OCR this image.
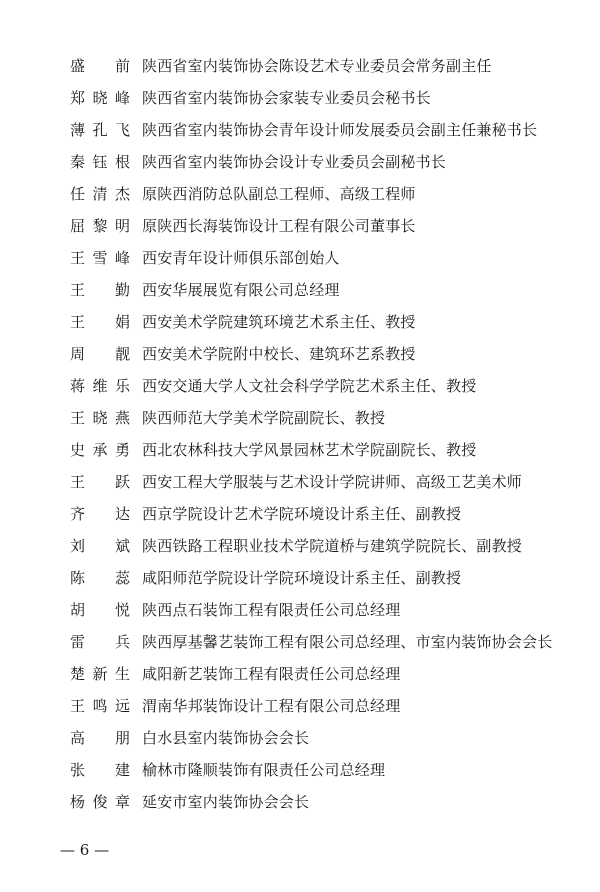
盛前 陕西省室内装饰协会陈设艺术专业委员会常务副主任
郑晓峰 陕西省室内装饰协会家装专业委员会秘书长
薄孔飞 陕西省室内装饰协会青年设计师发展委员会副主任兼秘书长
秦钰根 陕西省室内装饰协会设计专业委员会副秘书长
任清杰 原陕西消防总队副总工程师、高级工程师
屈黎明 原陕西长海装饰设计工程有限公司董事长
王雪峰 西安青年设计师俱乐部创始人
王勤 西安华展展览有限公司总经理
王娟 西安美术学院建筑环境艺术系主任、教授
周靓 西安美术学院附中校长、建筑环艺系教授
蒋维乐 西安交通大学人文社会科学学院艺术系主任、教授
王晓燕 陕西师范大学美术学院副院长、教授
史承勇 西北农林科技大学风景园林艺术学院副院长、教授
王跃 西安工程大学服装与艺术设计学院讲师、高级工艺美术师
齐达 西京学院设计艺术学院环境设计系主任、副教授
刘斌 陕西铁路工程职业技术学院道桥与建筑学院院长、副教授
陈蕊 咸阳师范学院设计学院环境设计系主任、副教授
胡悦 陕西点石装饰工程有限责任公司总经理
雷兵 陕西厚基馨艺装饰工程有限公司总经理、市室内装饰协会会长
楚新生 咸阳新艺装饰工程有限责任公司总经理
王鸣远 渭南华邦装饰设计工程有限公司总经理
高朋 白水县室内装饰协会会长
张建 榆林市隆顺装饰有限责任公司总经理
杨俊章 延安市室内装饰协会会长
— 6 —
